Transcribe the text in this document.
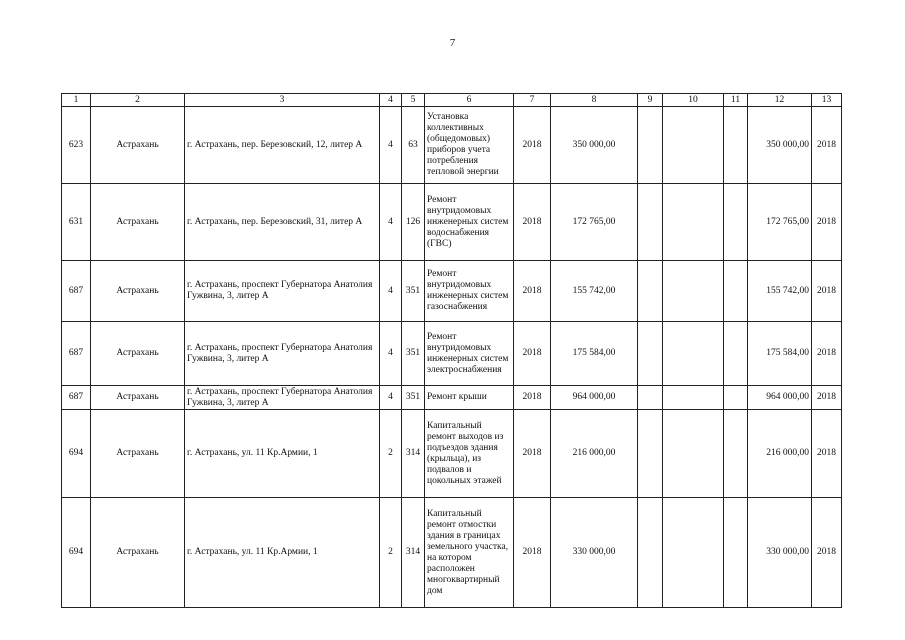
7
1	2	3	4	5	6	7	8	9	10	11	12	13
623	Астрахань	г. Астрахань, пер. Березовский, 12, литер А	4	63	Установка коллективных (общедомовых) приборов учета потребления тепловой энергии	2018	350 000,00				350 000,00	2018
631	Астрахань	г. Астрахань, пер. Березовский, 31, литер А	4	126	Ремонт внутридомовых инженерных систем водоснабжения (ГВС)	2018	172 765,00				172 765,00	2018
687	Астрахань	г. Астрахань, проспект Губернатора Анатолия Гужвина, 3, литер А	4	351	Ремонт внутридомовых инженерных систем газоснабжения	2018	155 742,00				155 742,00	2018
687	Астрахань	г. Астрахань, проспект Губернатора Анатолия Гужвина, 3, литер А	4	351	Ремонт внутридомовых инженерных систем электроснабжения	2018	175 584,00				175 584,00	2018
687	Астрахань	г. Астрахань, проспект Губернатора Анатолия Гужвина, 3, литер А	4	351	Ремонт крыши	2018	964 000,00				964 000,00	2018
694	Астрахань	г. Астрахань, ул. 11 Кр.Армии, 1	2	314	Капитальный ремонт выходов из подъездов здания (крыльца), из подвалов и цокольных этажей	2018	216 000,00				216 000,00	2018
694	Астрахань	г. Астрахань, ул. 11 Кр.Армии, 1	2	314	Капитальный ремонт отмостки здания в границах земельного участка, на котором расположен многоквартирный дом	2018	330 000,00				330 000,00	2018
